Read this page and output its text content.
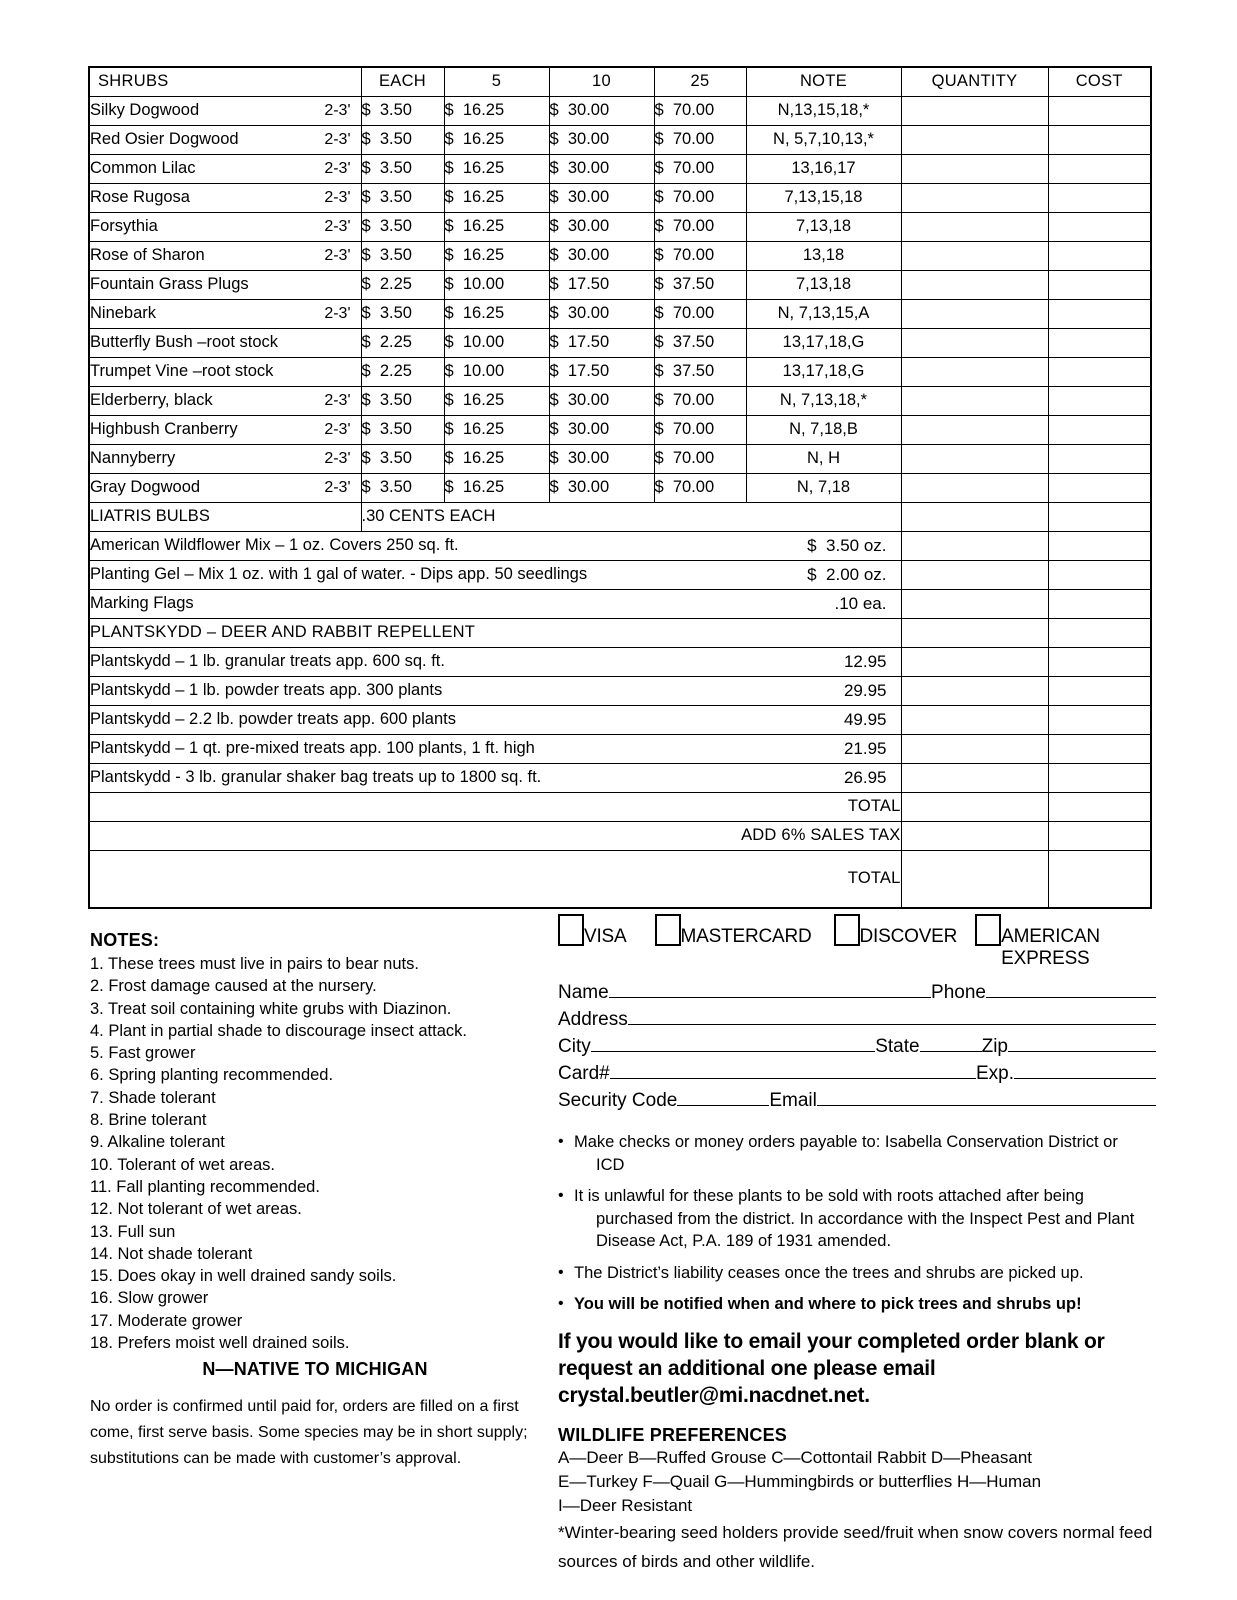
SHRUBS	EACH	5	10	25	NOTE	QUANTITY	COST
Silky Dogwood 2-3'	$  3.50	$  16.25	$  30.00	$  70.00	N,13,15,18,*		
Red Osier Dogwood 2-3'	$  3.50	$  16.25	$  30.00	$  70.00	N, 5,7,10,13,*		
Common Lilac 2-3'	$  3.50	$  16.25	$  30.00	$  70.00	13,16,17		
Rose Rugosa 2-3'	$  3.50	$  16.25	$  30.00	$  70.00	7,13,15,18		
Forsythia 2-3'	$  3.50	$  16.25	$  30.00	$  70.00	7,13,18		
Rose of Sharon 2-3'	$  3.50	$  16.25	$  30.00	$  70.00	13,18		
Fountain Grass Plugs	$  2.25	$  10.00	$  17.50	$  37.50	7,13,18		
Ninebark 2-3'	$  3.50	$  16.25	$  30.00	$  70.00	N, 7,13,15,A		
Butterfly Bush –root stock	$  2.25	$  10.00	$  17.50	$  37.50	13,17,18,G		
Trumpet Vine –root stock	$  2.25	$  10.00	$  17.50	$  37.50	13,17,18,G		
Elderberry, black 2-3'	$  3.50	$  16.25	$  30.00	$  70.00	N, 7,13,18,*		
Highbush Cranberry 2-3'	$  3.50	$  16.25	$  30.00	$  70.00	N, 7,18,B		
Nannyberry 2-3'	$  3.50	$  16.25	$  30.00	$  70.00	N, H		
Gray Dogwood 2-3'	$  3.50	$  16.25	$  30.00	$  70.00	N, 7,18		
LIATRIS BULBS	.30 CENTS EACH						
American Wildflower Mix – 1 oz. Covers 250 sq. ft. $  3.50 oz.							

Planting Gel – Mix 1 oz. with 1 gal of water. - Dips app. 50 seedlings $  2.00 oz.							

Marking Flags .10 ea.							

PLANTSKYDD – DEER AND RABBIT REPELLENT							
Plantskydd – 1 lb. granular treats app. 600 sq. ft. 12.95							

Plantskydd – 1 lb. powder treats app. 300 plants 29.95							

Plantskydd – 2.2 lb. powder treats app. 600 plants 49.95							

Plantskydd – 1 qt. pre-mixed treats app. 100 plants, 1 ft. high 21.95							

Plantskydd - 3 lb. granular shaker bag treats up to 1800 sq. ft. 26.95							

TOTAL							
ADD 6% SALES TAX							
TOTAL							
NOTES:
1. These trees must live in pairs to bear nuts.
2. Frost damage caused at the nursery.
3. Treat soil containing white grubs with Diazinon.
4. Plant in partial shade to discourage insect attack.
5. Fast grower
6. Spring planting recommended.
7. Shade tolerant
8. Brine tolerant
9. Alkaline tolerant
10. Tolerant of wet areas.
11. Fall planting recommended.
12. Not tolerant of wet areas.
13. Full sun
14. Not shade tolerant
15. Does okay in well drained sandy soils.
16. Slow grower
17. Moderate grower
18. Prefers moist well drained soils.
N—NATIVE TO MICHIGAN
No order is confirmed until paid for, orders are filled on a first come, first serve basis. Some species may be in short supply; substitutions can be made with customer’s approval.
VISA	MASTERCARD	DISCOVER AMERICAN
EXPRESS
Name	Phone
Address
City	State	Zip
Card#	Exp.
Security Code	Email
• Make checks or money orders payable to: Isabella Conservation District or
ICD
• It is unlawful for these plants to be sold with roots attached after being
purchased from the district. In accordance with the Inspect Pest and Plant Disease Act, P.A. 189 of 1931 amended.
• The District’s liability ceases once the trees and shrubs are picked up.
• You will be notified when and where to pick trees and shrubs up!
If you would like to email your completed order blank or request an additional one please email crystal.beutler@mi.nacdnet.net.
WILDLIFE PREFERENCES
A—Deer B—Ruffed Grouse C—Cottontail Rabbit D—Pheasant
E—Turkey F—Quail G—Hummingbirds or butterflies H—Human
I—Deer Resistant
*Winter-bearing seed holders provide seed/fruit when snow covers normal feed sources of birds and other wildlife.
